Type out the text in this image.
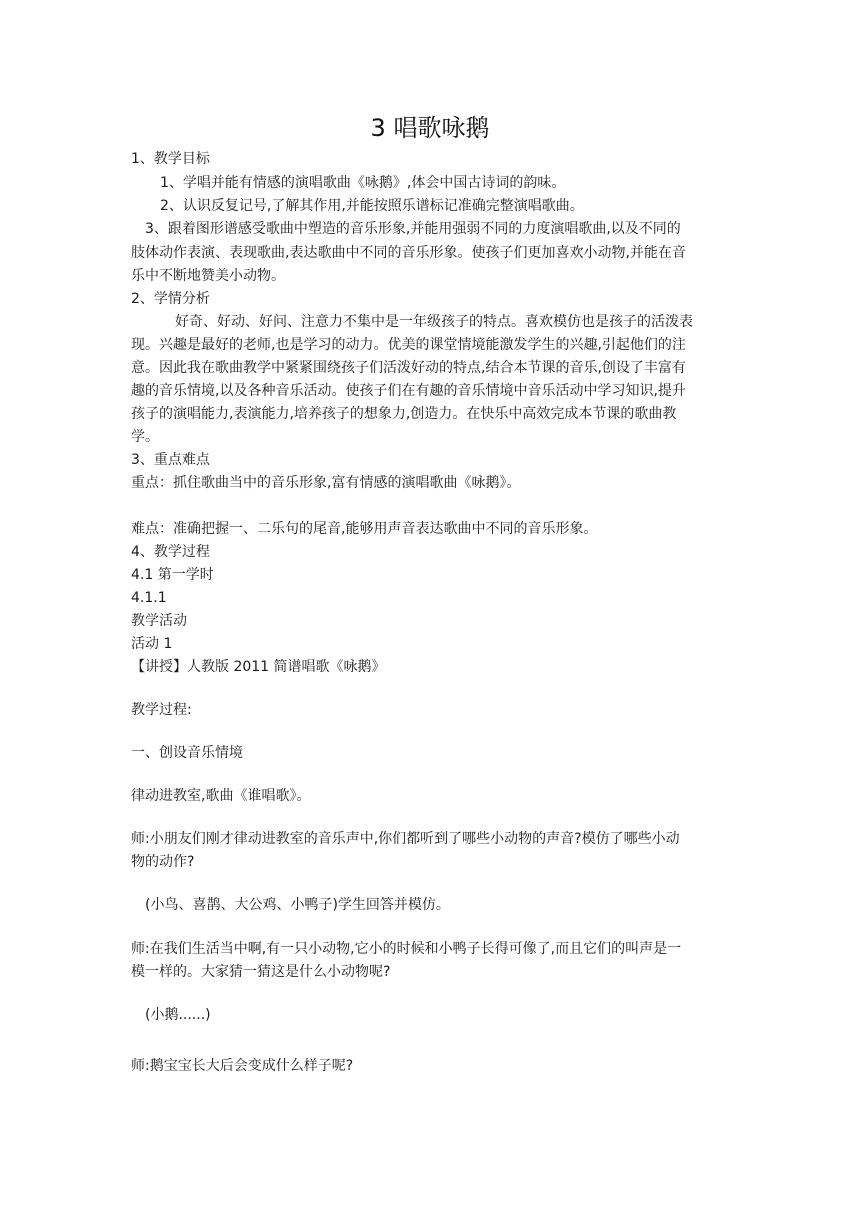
3 唱歌咏鹅
1、教学目标
1、学唱并能有情感的演唱歌曲《咏鹅》,体会中国古诗词的韵味。
2、认识反复记号,了解其作用,并能按照乐谱标记准确完整演唱歌曲。
3、跟着图形谱感受歌曲中塑造的音乐形象,并能用强弱不同的力度演唱歌曲,以及不同的
肢体动作表演、表现歌曲,表达歌曲中不同的音乐形象。使孩子们更加喜欢小动物,并能在音
乐中不断地赞美小动物。
2、学情分析
好奇、好动、好问、注意力不集中是一年级孩子的特点。喜欢模仿也是孩子的活泼表
现。兴趣是最好的老师,也是学习的动力。优美的课堂情境能激发学生的兴趣,引起他们的注
意。因此我在歌曲教学中紧紧围绕孩子们活泼好动的特点,结合本节课的音乐,创设了丰富有
趣的音乐情境,以及各种音乐活动。使孩子们在有趣的音乐情境中音乐活动中学习知识,提升
孩子的演唱能力,表演能力,培养孩子的想象力,创造力。在快乐中高效完成本节课的歌曲教
学。
3、重点难点
重点：抓住歌曲当中的音乐形象,富有情感的演唱歌曲《咏鹅》。
难点：准确把握一、二乐句的尾音,能够用声音表达歌曲中不同的音乐形象。
4、教学过程
4.1 第一学时
4.1.1
教学活动
活动 1
【讲授】人教版 2011 简谱唱歌《咏鹅》
教学过程:
一、创设音乐情境
律动进教室,歌曲《谁唱歌》。
师:小朋友们刚才律动进教室的音乐声中,你们都听到了哪些小动物的声音?模仿了哪些小动
物的动作?
(小鸟、喜鹊、大公鸡、小鸭子)学生回答并模仿。
师:在我们生活当中啊,有一只小动物,它小的时候和小鸭子长得可像了,而且它们的叫声是一
模一样的。大家猜一猜这是什么小动物呢?
(小鹅......)
师:鹅宝宝长大后会变成什么样子呢?
